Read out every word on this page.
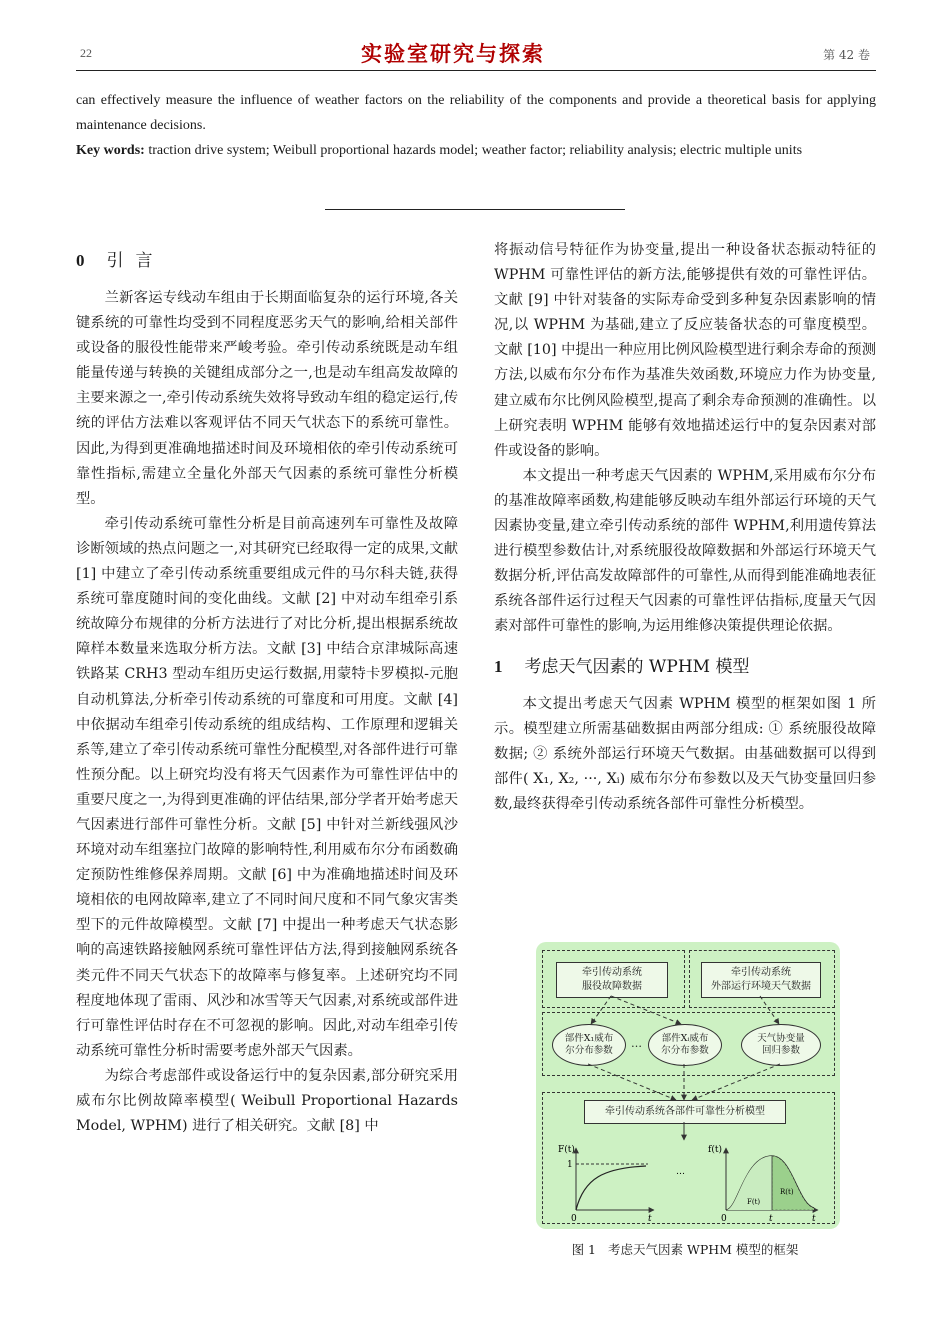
22	实验室研究与探索	第 42 卷

can effectively measure the influence of weather factors on the reliability of the components and provide a theoretical basis for applying maintenance decisions.

Key words: traction drive system; Weibull proportional hazards model; weather factor; reliability analysis; electric multiple units

0 引言

兰新客运专线动车组由于长期面临复杂的运行环境,各关键系统的可靠性均受到不同程度恶劣天气的影响,给相关部件或设备的服役性能带来严峻考验。牵引传动系统既是动车组能量传递与转换的关键组成部分之一,也是动车组高发故障的主要来源之一,牵引传动系统失效将导致动车组的稳定运行,传统的评估方法难以客观评估不同天气状态下的系统可靠性。因此,为得到更准确地描述时间及环境相依的牵引传动系统可靠性指标,需建立全量化外部天气因素的系统可靠性分析模型。

牵引传动系统可靠性分析是目前高速列车可靠性及故障诊断领域的热点问题之一,对其研究已经取得一定的成果,文献 [1] 中建立了牵引传动系统重要组成元件的马尔科夫链,获得系统可靠度随时间的变化曲线。文献 [2] 中对动车组牵引系统故障分布规律的分析方法进行了对比分析,提出根据系统故障样本数量来选取分析方法。文献 [3] 中结合京津城际高速铁路某 CRH3 型动车组历史运行数据,用蒙特卡罗模拟-元胞自动机算法,分析牵引传动系统的可靠度和可用度。文献 [4] 中依据动车组牵引传动系统的组成结构、工作原理和逻辑关系等,建立了牵引传动系统可靠性分配模型,对各部件进行可靠性预分配。以上研究均没有将天气因素作为可靠性评估中的重要尺度之一,为得到更准确的评估结果,部分学者开始考虑天气因素进行部件可靠性分析。文献 [5] 中针对兰新线强风沙环境对动车组塞拉门故障的影响特性,利用威布尔分布函数确定预防性维修保养周期。文献 [6] 中为准确地描述时间及环境相依的电网故障率,建立了不同时间尺度和不同气象灾害类型下的元件故障模型。文献 [7] 中提出一种考虑天气状态影响的高速铁路接触网系统可靠性评估方法,得到接触网系统各类元件不同天气状态下的故障率与修复率。上述研究均不同程度地体现了雷雨、风沙和冰雪等天气因素,对系统或部件进行可靠性评估时存在不可忽视的影响。因此,对动车组牵引传动系统可靠性分析时需要考虑外部天气因素。

为综合考虑部件或设备运行中的复杂因素,部分研究采用威布尔比例故障率模型( Weibull Proportional Hazards Model, WPHM) 进行了相关研究。文献 [8] 中

将振动信号特征作为协变量,提出一种设备状态振动特征的 WPHM 可靠性评估的新方法,能够提供有效的可靠性评估。文献 [9] 中针对装备的实际寿命受到多种复杂因素影响的情况,以 WPHM 为基础,建立了反应装备状态的可靠度模型。文献 [10] 中提出一种应用比例风险模型进行剩余寿命的预测方法,以威布尔分布作为基准失效函数,环境应力作为协变量,建立威布尔比例风险模型,提高了剩余寿命预测的准确性。以上研究表明 WPHM 能够有效地描述运行中的复杂因素对部件或设备的影响。

本文提出一种考虑天气因素的 WPHM,采用威布尔分布的基准故障率函数,构建能够反映动车组外部运行环境的天气因素协变量,建立牵引传动系统的部件 WPHM,利用遗传算法进行模型参数估计,对系统服役故障数据和外部运行环境天气数据分析,评估高发故障部件的可靠性,从而得到能准确地表征系统各部件运行过程天气因素的可靠性评估指标,度量天气因素对部件可靠性的影响,为运用维修决策提供理论依据。

1 考虑天气因素的 WPHM 模型

本文提出考虑天气因素 WPHM 模型的框架如图 1 所示。模型建立所需基础数据由两部分组成: ① 系统服役故障数据; ② 系统外部运行环境天气数据。由基础数据可以得到部件( X₁, X₂, ···, Xᵢ) 威布尔分布参数以及天气协变量回归参数,最终获得牵引传动系统各部件可靠性分析模型。

牵引传动系统
服役故障数据
牵引传动系统
外部运行环境天气数据
部件X₁威布
尔分布参数
… 部件Xᵢ威布
尔分布参数
天气协变量
回归参数
牵引传动系统各部件可靠性分析模型
F(t)
1
0	t
…
f(t)
0	t	t
R(t)
F(t)
图 1 考虑天气因素 WPHM 模型的框架
